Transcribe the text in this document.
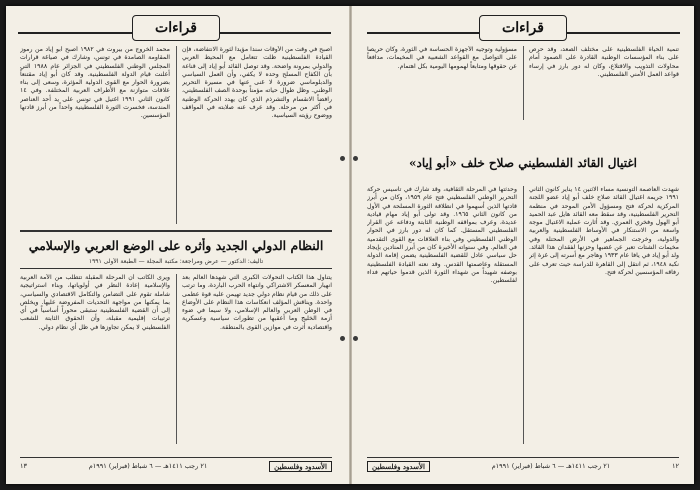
قراءات

أصبح في وقت من الأوقات سنداً مؤيداً لثورة الانتفاضة، فإن القيادة الفلسطينية ظلت تتعامل مع المحيط العربي والدولي بمرونة واضحة. وقد توصل القائد أبو إياد إلى قناعة بأن الكفاح المسلح وحده لا يكفي، وأن العمل السياسي والدبلوماسي ضرورة لا غنى عنها في مسيرة التحرير الوطني. وظل طوال حياته مؤمناً بوحدة الصف الفلسطيني، رافضاً الانقسام والتشرذم الذي كان يهدد الحركة الوطنية في أكثر من مرحلة. وقد عرف عنه صلابته في المواقف ووضوح رؤيته السياسية.

محمد الخروج من بيروت في ١٩٨٢ أصبح أبو إياد من رموز المقاومة الصامدة في تونس، وشارك في صياغة قرارات المجلس الوطني الفلسطيني في الجزائر عام ١٩٨٨ التي أعلنت قيام الدولة الفلسطينية. وقد كان أبو إياد مقتنعاً بضرورة الحوار مع القوى الدولية المؤثرة، وسعى إلى بناء علاقات متوازنة مع الأطراف العربية المختلفة. وفي ١٤ كانون الثاني ١٩٩١ اغتيل في تونس على يد أحد العناصر المندسة، فخسرت الثورة الفلسطينية واحداً من أبرز قادتها المؤسسين.

النظام الدولي الجديد وأثره على الوضع العربي والإسلامي
تأليف: الدكتور — عرض ومراجعة: مكتبة المجلة — الطبعة الأولى ١٩٩١

يتناول هذا الكتاب التحولات الكبرى التي شهدها العالم بعد انهيار المعسكر الاشتراكي وانتهاء الحرب الباردة، وما ترتب على ذلك من قيام نظام دولي جديد تهيمن عليه قوة عظمى واحدة. ويناقش المؤلف انعكاسات هذا النظام على الأوضاع في الوطن العربي والعالم الإسلامي، ولا سيما في ضوء أزمة الخليج وما أعقبها من تطورات سياسية وعسكرية واقتصادية أثرت في موازين القوى بالمنطقة.

ويرى الكاتب أن المرحلة المقبلة تتطلب من الأمة العربية والإسلامية إعادة النظر في أولوياتها، وبناء استراتيجية شاملة تقوم على التضامن والتكامل الاقتصادي والسياسي، بما يمكنها من مواجهة التحديات المفروضة عليها. ويخلص إلى أن القضية الفلسطينية ستبقى محوراً أساسياً في أي ترتيبات إقليمية مقبلة، وأن الحقوق الثابتة للشعب الفلسطيني لا يمكن تجاوزها في ظل أي نظام دولي.

الأسدود وفلسطين
٢١ رجب ١٤١١هـ — ٦ شباط (فبراير) ١٩٩١م
١٣
قراءات

تنمية الحياة الفلسطينية على مختلف الصعد، وقد حرص على بناء المؤسسات الوطنية القادرة على الصمود أمام محاولات التذويب والاقتلاع، وكان له دور بارز في إرساء قواعد العمل الأمني الفلسطيني.

مسؤولية وتوجيه الأجهزة الحساسة في الثورة، وكان حريصاً على التواصل مع القواعد الشعبية في المخيمات، مدافعاً عن حقوقها ومتابعاً لهمومها اليومية بكل اهتمام.

اغتيال القائد الفلسطيني صلاح خلف «أبو إياد»

شهدت العاصمة التونسية مساء الاثنين ١٤ يناير كانون الثاني ١٩٩١ جريمة اغتيال القائد صلاح خلف أبو إياد عضو اللجنة المركزية لحركة فتح ومسؤول الأمن الموحد في منظمة التحرير الفلسطينية، وقد سقط معه القائد هايل عبد الحميد أبو الهول وفخري العمري. وقد أثارت عملية الاغتيال موجة واسعة من الاستنكار في الأوساط الفلسطينية والعربية والدولية، وخرجت الجماهير في الأرض المحتلة وفي مخيمات الشتات تعبر عن غضبها وحزنها لفقدان هذا القائد. ولد أبو إياد في يافا عام ١٩٣٣ وهاجر مع أسرته إلى غزة إثر نكبة ١٩٤٨، ثم انتقل إلى القاهرة للدراسة حيث تعرف على رفاقه المؤسسين لحركة فتح.

وحدثتها في المرحلة الثقافية، وقد شارك في تأسيس حركة التحرير الوطني الفلسطيني فتح عام ١٩٥٩، وكان من أبرز قادتها الذين أسهموا في انطلاقة الثورة المسلحة في الأول من كانون الثاني ١٩٦٥. وقد تولى أبو إياد مهام قيادية عديدة، وعرف بمواقفه الوطنية الثابتة ودفاعه عن القرار الفلسطيني المستقل. كما كان له دور بارز في الحوار الوطني الفلسطيني وفي بناء العلاقات مع القوى التقدمية في العالم. وفي سنواته الأخيرة كان من أبرز المنادين بإيجاد حل سياسي عادل للقضية الفلسطينية يضمن إقامة الدولة المستقلة وعاصمتها القدس. وقد نعته القيادة الفلسطينية بوصفه شهيداً من شهداء الثورة الذين قدموا حياتهم فداء لفلسطين.

١٢
٢١ رجب ١٤١١هـ — ٦ شباط (فبراير) ١٩٩١م
الأسدود وفلسطين
